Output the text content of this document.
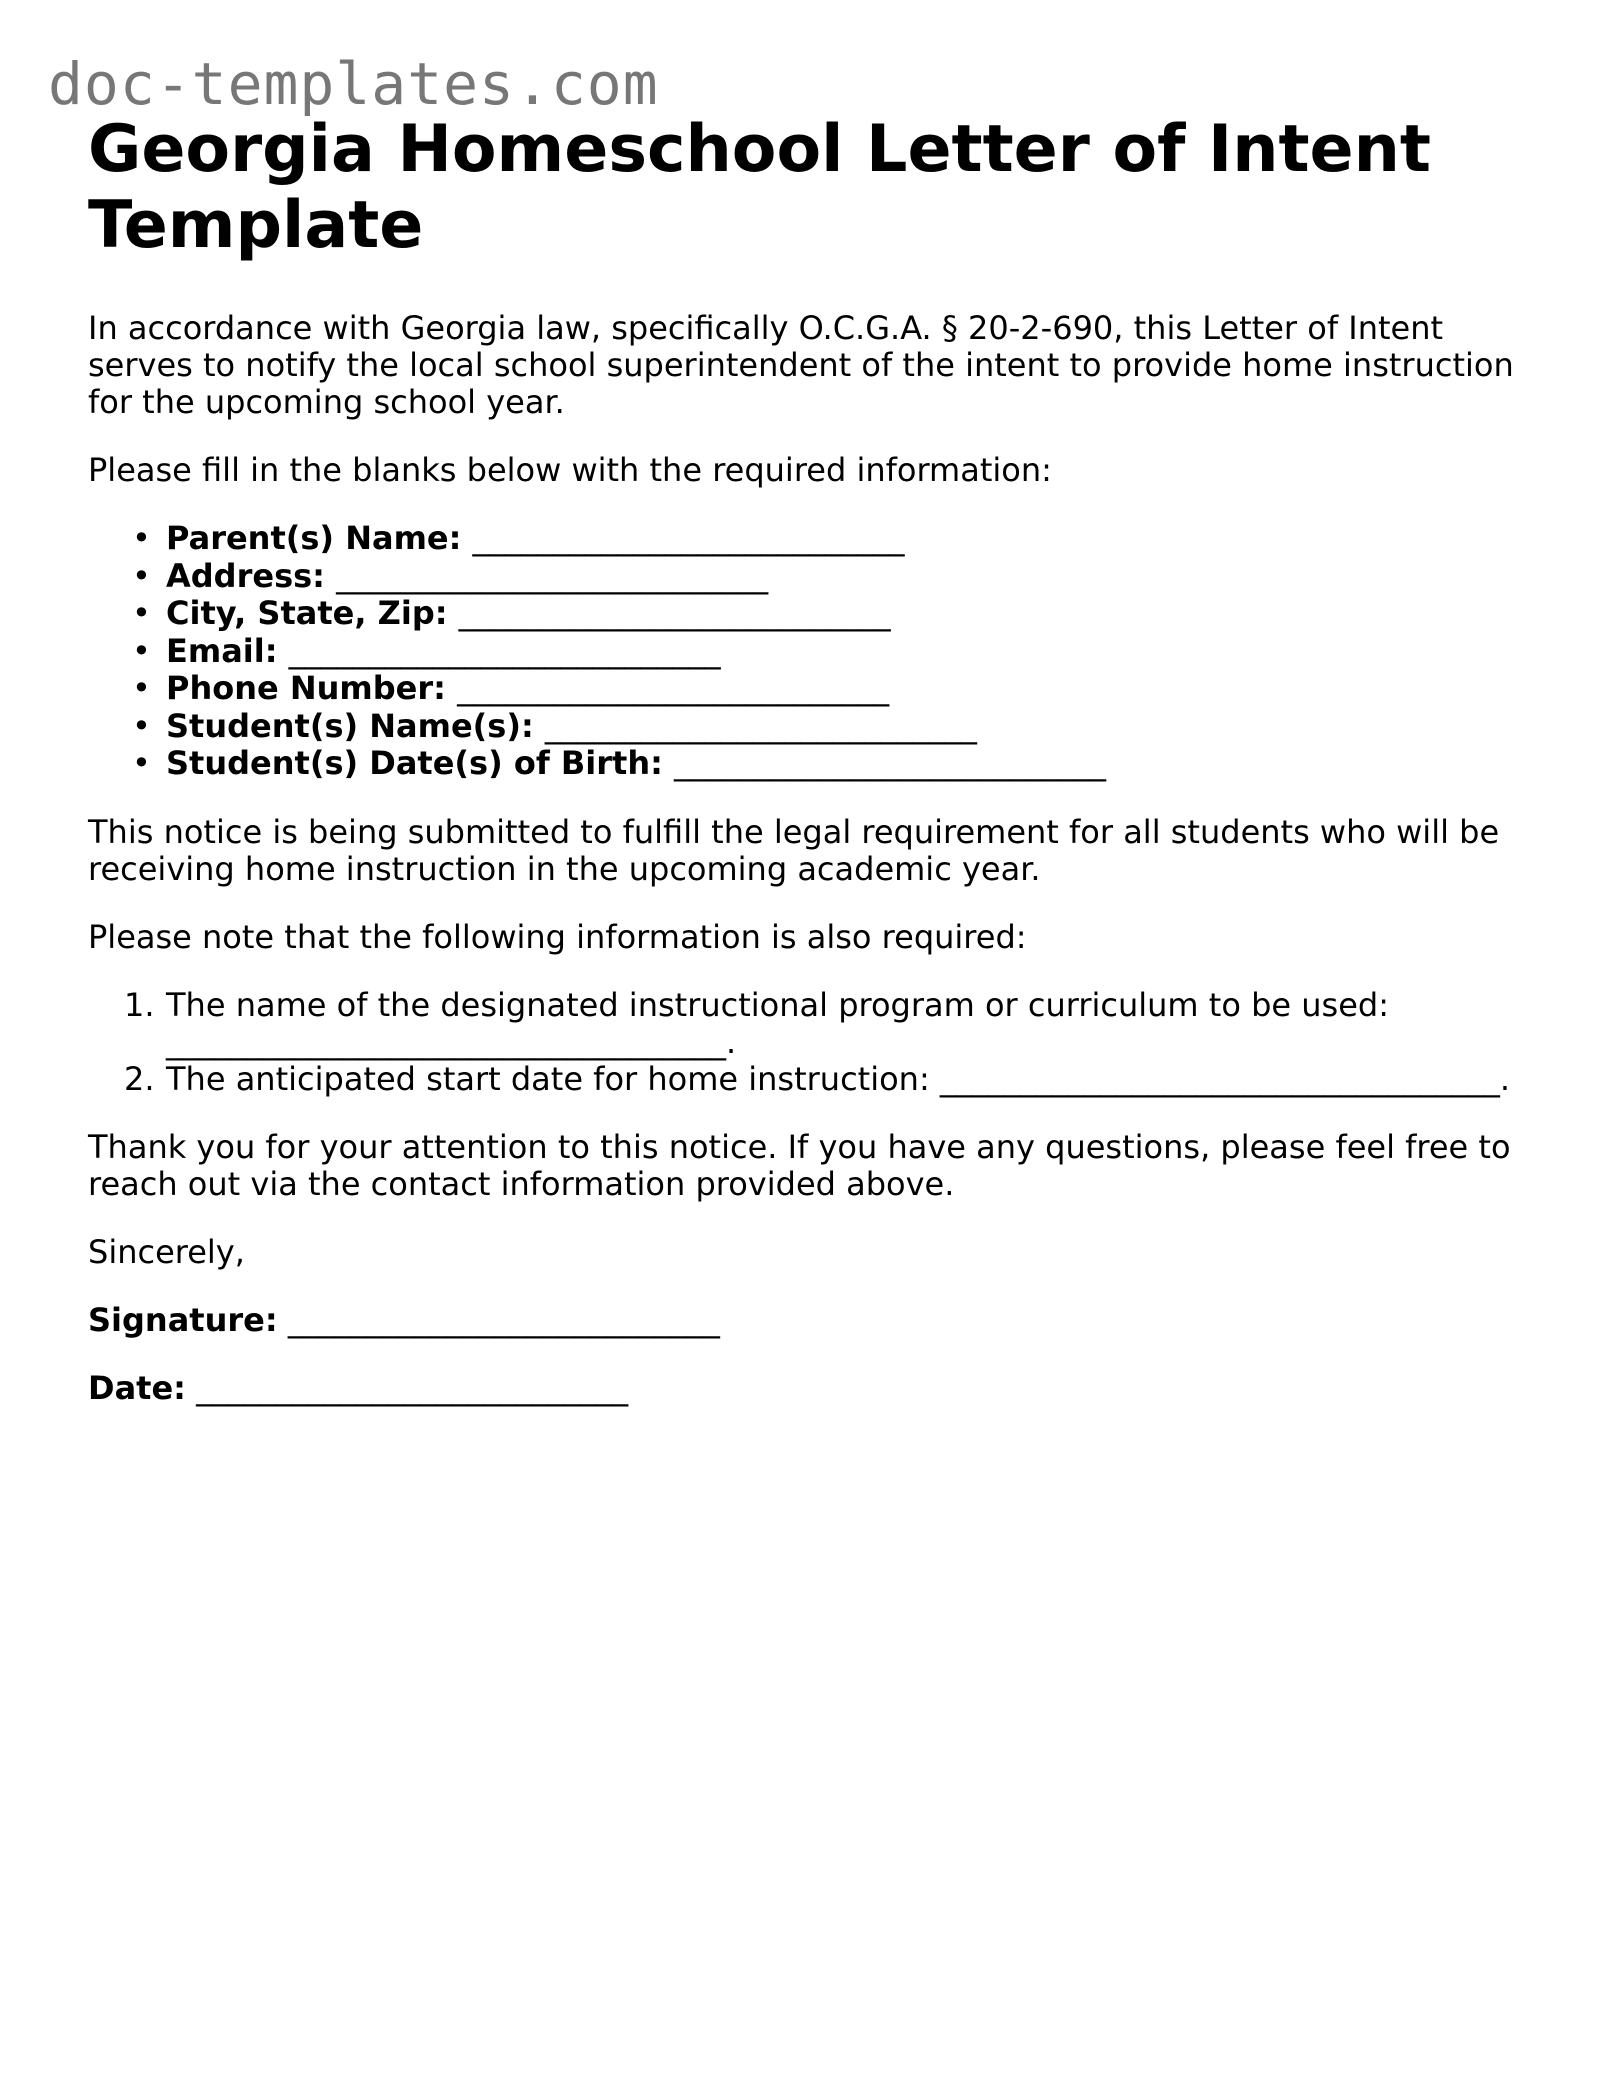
doc-templates.com
Georgia Homeschool Letter of Intent Template

In accordance with Georgia law, specifically O.C.G.A. § 20-2-690, this Letter of Intent serves to notify the local school superintendent of the intent to provide home instruction for the upcoming school year.

Please fill in the blanks below with the required information:

• Parent(s) Name: ___________________________
• Address: ___________________________
• City, State, Zip: ___________________________
• Email: ___________________________
• Phone Number: ___________________________
• Student(s) Name(s): ___________________________
• Student(s) Date(s) of Birth: ___________________________

This notice is being submitted to fulfill the legal requirement for all students who will be receiving home instruction in the upcoming academic year.

Please note that the following information is also required:

1. The name of the designated instructional program or curriculum to be used: ___________________________________.
2. The anticipated start date for home instruction: ___________________________________.

Thank you for your attention to this notice. If you have any questions, please feel free to reach out via the contact information provided above.

Sincerely,

Signature: ___________________________
Date: ___________________________
